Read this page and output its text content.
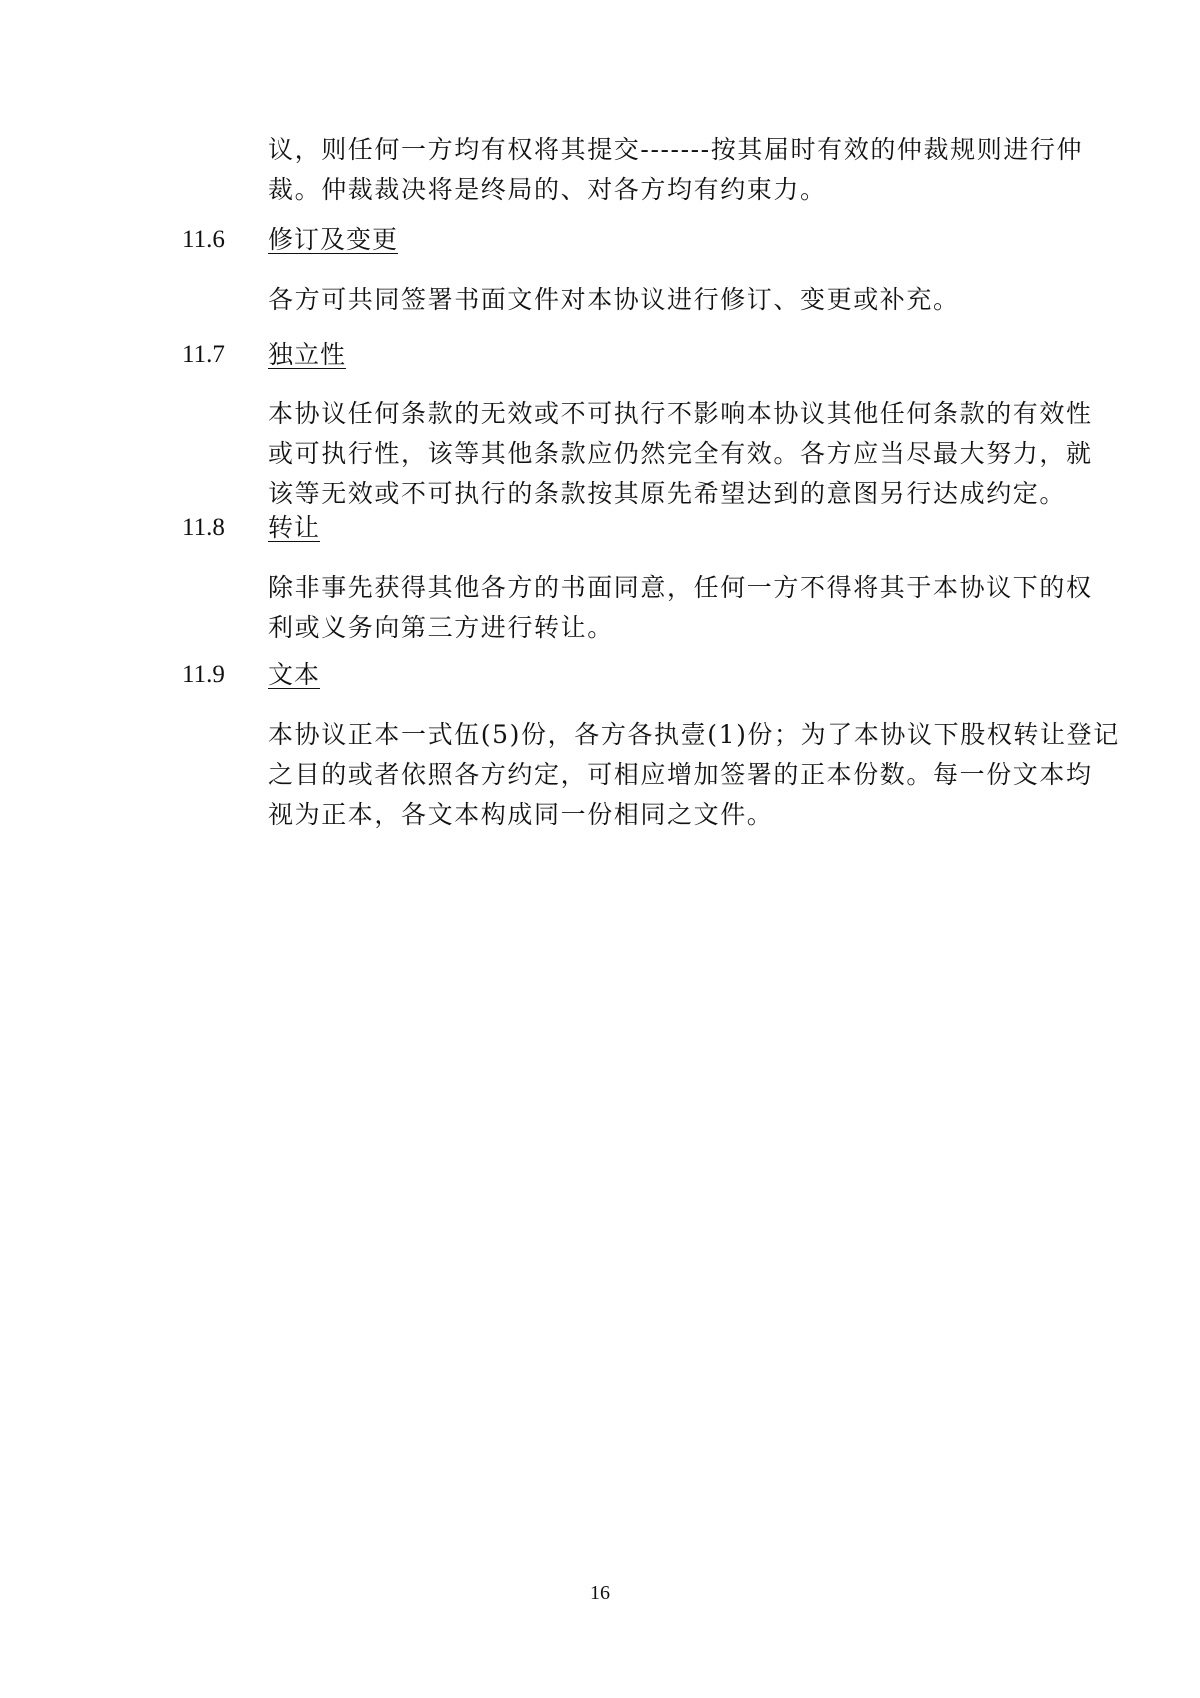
议，则任何一方均有权将其提交-------按其届时有效的仲裁规则进行仲
裁。仲裁裁决将是终局的、对各方均有约束力。
11.6	修订及变更
各方可共同签署书面文件对本协议进行修订、变更或补充。
11.7	独立性
本协议任何条款的无效或不可执行不影响本协议其他任何条款的有效性
或可执行性，该等其他条款应仍然完全有效。各方应当尽最大努力，就
该等无效或不可执行的条款按其原先希望达到的意图另行达成约定。
11.8	转让
除非事先获得其他各方的书面同意，任何一方不得将其于本协议下的权
利或义务向第三方进行转让。
11.9	文本
本协议正本一式伍(5)份，各方各执壹(1)份；为了本协议下股权转让登记
之目的或者依照各方约定，可相应增加签署的正本份数。每一份文本均
视为正本，各文本构成同一份相同之文件。
16
